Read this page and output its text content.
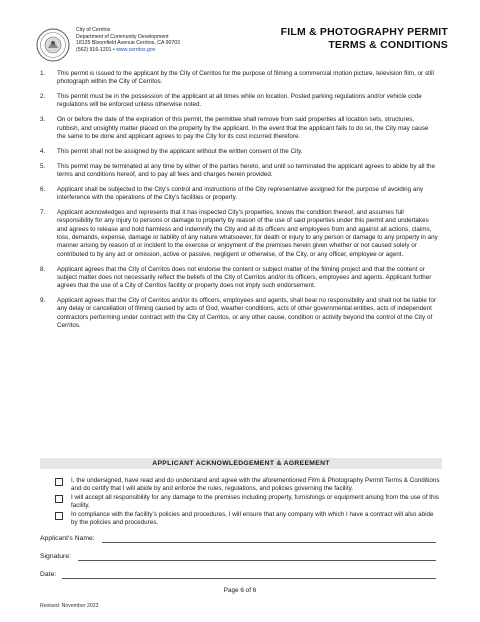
City of Cerritos
Department of Community Development
18125 Bloomfield Avenue Cerritos, CA 90703
(562) 916-1201 • www.cerritos.gov
FILM & PHOTOGRAPHY PERMIT
TERMS & CONDITIONS
1. This permit is issued to the applicant by the City of Cerritos for the purpose of filming a commercial motion picture, television film, or still photograph within the City of Cerritos.
2. This permit must be in the possession of the applicant at all times while on location. Posted parking regulations and/or vehicle code regulations will be enforced unless otherwise noted.
3. On or before the date of the expiration of this permit, the permittee shall remove from said properties all location sets, structures, rubbish, and unsightly matter placed on the property by the applicant. In the event that the applicant fails to do so, the City may cause the same to be done and applicant agrees to pay the City for its cost incurred therefore.
4. This permit shall not be assigned by the applicant without the written consent of the City.
5. This permit may be terminated at any time by either of the parties hereto, and until so terminated the applicant agrees to abide by all the terms and conditions hereof, and to pay all fees and charges herein provided.
6. Applicant shall be subjected to the City’s control and instructions of the City representative assigned for the purpose of avoiding any interference with the operations of the City’s facilities or property.
7. Applicant acknowledges and represents that it has inspected City’s properties, knows the condition thereof, and assumes full responsibility for any injury to persons or damage to property by reason of the use of said properties under this permit and undertakes and agrees to release and hold harmless and indemnify the City and all its officers and employees from and against all actions, claims, loss, demands, expense, damage or liability of any nature whatsoever, for death or injury to any person or damage to any property in any manner arising by reason of or incident to the exercise or enjoyment of the premises herein given whether or not caused solely or contributed to by any act or omission, active or passive, negligent or otherwise, of the City, or any officer, employee or agent.
8. Applicant agrees that the City of Cerritos does not endorse the content or subject matter of the filming project and that the content or subject matter does not necessarily reflect the beliefs of the City of Cerritos and/or its officers, employees and agents. Applicant further agrees that the use of a City of Cerritos facility or property does not imply such endorsement.
9. Applicant agrees that the City of Cerritos and/or its officers, employees and agents, shall bear no responsibility and shall not be liable for any delay or cancellation of filming caused by acts of God, weather conditions, acts of other governmental entities, acts of independent contractors performing under contract with the City of Cerritos, or any other cause, condition or activity beyond the control of the City of Cerritos.
APPLICANT ACKNOWLEDGEMENT & AGREEMENT
I, the undersigned, have read and do understand and agree with the aforementioned Film & Photography Permit Terms & Conditions and do certify that I will abide by and enforce the rules, regulations, and policies governing the facility.
I will accept all responsibility for any damage to the premises including property, furnishings or equipment arising from the use of this facility.
In compliance with the facility’s policies and procedures, I will ensure that any company with which I have a contract will also abide by the policies and procedures.
Applicant’s Name:
Signature:
Date:
Page 6 of 6
Revised: November 2023
